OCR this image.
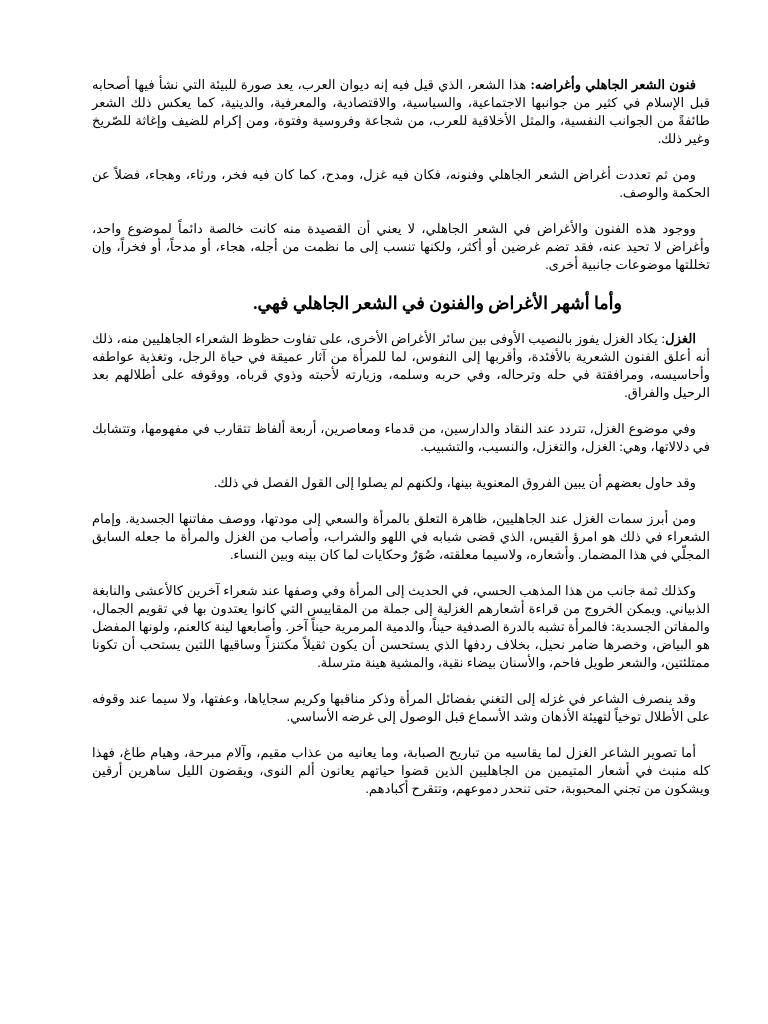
فنون الشعر الجاهلي وأغراضه: هذا الشعر، الذي قيل فيه إنه ديوان العرب، يعد صورة للبيئة التي نشأ فيها أصحابه قبل الإسلام في كثير من جوانبها الاجتماعية، والسياسية، والاقتصادية، والمعرفية، والدينية، كما يعكس ذلك الشعر طائفةً من الجوانب النفسية، والمثل الأخلاقية للعرب، من شجاعة وفروسية وفتوة، ومن إكرام للضيف وإغاثة للصّريخ وغير ذلك.

ومن ثم تعددت أغراض الشعر الجاهلي وفنونه، فكان فيه غزل، ومدح، كما كان فيه فخر، ورثاء، وهجاء، فضلاً عن الحكمة والوصف.

ووجود هذه الفنون والأغراض في الشعر الجاهلي، لا يعني أن القصيدة منه كانت خالصة دائماً لموضوع واحد، وأغراض لا تحيد عنه، فقد تضم غرضين أو أكثر، ولكنها تنسب إلى ما نظمت من أجله، هجاء، أو مدحاً، أو فخراً، وإن تخللتها موضوعات جانبية أخرى.

وأما أشهر الأغراض والفنون في الشعر الجاهلي فهي.

الغزل: يكاد الغزل يفوز بالنصيب الأوفى بين سائر الأغراض الأخرى، على تفاوت حظوظ الشعراء الجاهليين منه، ذلك أنه أعلق الفنون الشعرية بالأفئدة، وأقربها إلى النفوس، لما للمرأة من آثار عميقة في حياة الرجل، وتغذية عواطفه وأحاسيسه، ومرافقتة في حله وترحاله، وفي حربه وسلمه، وزيارته لأحبته وذوي قرباه، ووقوفه على أطلالهم بعد الرحيل والفراق.

وفي موضوع الغزل، تتردد عند النقاد والدارسين، من قدماء ومعاصرين، أربعة ألفاظ تتقارب في مفهومها، وتتشابك في دلالاتها، وهي: الغزل، والتغزل، والنسيب، والتشبيب.

وقد حاول بعضهم أن يبين الفروق المعنوية بينها، ولكنهم لم يصلوا إلى القول الفصل في ذلك.

ومن أبرز سمات الغزل عند الجاهليين، ظاهرة التعلق بالمرأة والسعي إلى مودتها، ووصف مفاتنها الجسدية. وإمام الشعراء في ذلك هو امرؤ القيس، الذي قضى شبابه في اللهو والشراب، وأصاب من الغزل والمرأة ما جعله السابق المجلّي في هذا المضمار. وأشعاره، ولاسيما معلقته، صُوَرٌ وحكايات لما كان بينه وبين النساء.

وكذلك ثمة جانب من هذا المذهب الحسي، في الحديث إلى المرأة وفي وصفها عند شعراء آخرين كالأعشى والنابغة الذبياني. ويمكن الخروج من قراءة أشعارهم الغزلية إلى جملة من المقاييس التي كانوا يعتدون بها في تقويم الجمال، والمفاتن الجسدية: فالمرأة تشبه بالدرة الصدفية حيناً، والدمية المرمرية حيناً آخر. وأصابعها لينة كالعنم، ولونها المفضل هو البياض، وخصرها ضامر نحيل، بخلاف ردفها الذي يستحسن أن يكون ثقيلاً مكتنزاً وساقيها اللتين يستحب أن تكونا ممتلئتين، والشعر طويل فاحم، والأسنان بيضاء نقية، والمشية هينة مترسلة.

وقد ينصرف الشاعر في غزله إلى التغني بفضائل المرأة وذكر مناقبها وكريم سجاياها، وعفتها، ولا سيما عند وقوفه على الأطلال توخياً لتهيئة الأذهان وشد الأسماع قبل الوصول إلى غرضه الأساسي.

أما تصوير الشاعر الغزل لما يقاسيه من تباريح الصبابة، وما يعانيه من عذاب مقيم، وآلام مبرحة، وهيام طاغ، فهذا كله منبث في أشعار المتيمين من الجاهليين الذين قضوا حياتهم يعانون ألم النوى، ويقضون الليل ساهرين أرقين ويشكون من تجني المحبوبة، حتى تنحدر دموعهم، وتتقرح أكبادهم.
